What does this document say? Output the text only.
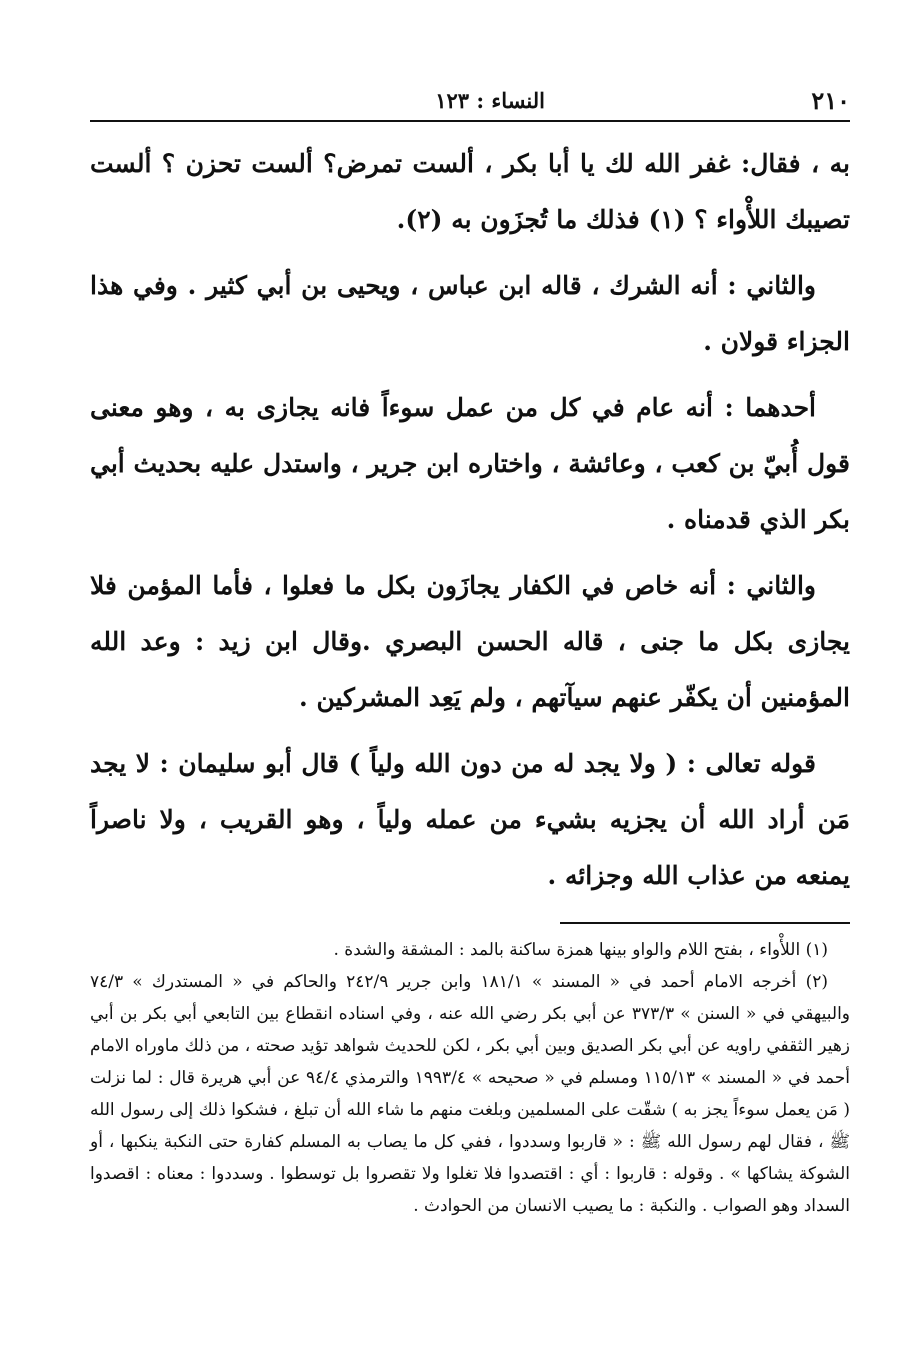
٢١٠
النساء : ١٢٣

به ، فقال: غفر الله لك يا أبا بكر ، ألست تمرض؟ ألست تحزن ؟ ألست تصيبك اللأْواء ؟ (١) فذلك ما تُجزَون به (٢).

والثاني : أنه الشرك ، قاله ابن عباس ، ويحيى بن أبي كثير . وفي هذا الجزاء قولان .

أحدهما : أنه عام في كل من عمل سوءاً فانه يجازى به ، وهو معنى قول أُبيّ بن كعب ، وعائشة ، واختاره ابن جرير ، واستدل عليه بحديث أبي بكر الذي قدمناه .

والثاني : أنه خاص في الكفار يجازَون بكل ما فعلوا ، فأما المؤمن فلا يجازى بكل ما جنى ، قاله الحسن البصري .وقال ابن زيد : وعد الله المؤمنين أن يكفّر عنهم سيآتهم ، ولم يَعِد المشركين .

قوله تعالى : ( ولا يجد له من دون الله ولياً ) قال أبو سليمان : لا يجد مَن أراد الله أن يجزيه بشيء من عمله ولياً ، وهو القريب ، ولا ناصراً يمنعه من عذاب الله وجزائه .

(١) اللأْواء ، بفتح اللام والواو بينها همزة ساكنة بالمد : المشقة والشدة .

(٢) أخرجه الامام أحمد في « المسند » ١٨١/١ وابن جرير ٢٤٢/٩ والحاكم في « المستدرك » ٧٤/٣ والبيهقي في « السنن » ٣٧٣/٣ عن أبي بكر رضي الله عنه ، وفي اسناده انقطاع بين التابعي أبي بكر بن أبي زهير الثقفي راويه عن أبي بكر الصديق وبين أبي بكر ، لكن للحديث شواهد تؤيد صحته ، من ذلك ماوراه الامام أحمد في « المسند » ١١٥/١٣ ومسلم في « صحيحه » ١٩٩٣/٤ والترمذي ٩٤/٤ عن أبي هريرة قال : لما نزلت ( مَن يعمل سوءاً يجز به ) شقّت على المسلمين وبلغت منهم ما شاء الله أن تبلغ ، فشكوا ذلك إلى رسول الله ﷺ ، فقال لهم رسول الله ﷺ : « قاربوا وسددوا ، ففي كل ما يصاب به المسلم كفارة حتى النكبة ينكبها ، أو الشوكة يشاكها » . وقوله : قاربوا : أي : اقتصدوا فلا تغلوا ولا تقصروا بل توسطوا . وسددوا : معناه : اقصدوا السداد وهو الصواب . والنكبة : ما يصيب الانسان من الحوادث .
